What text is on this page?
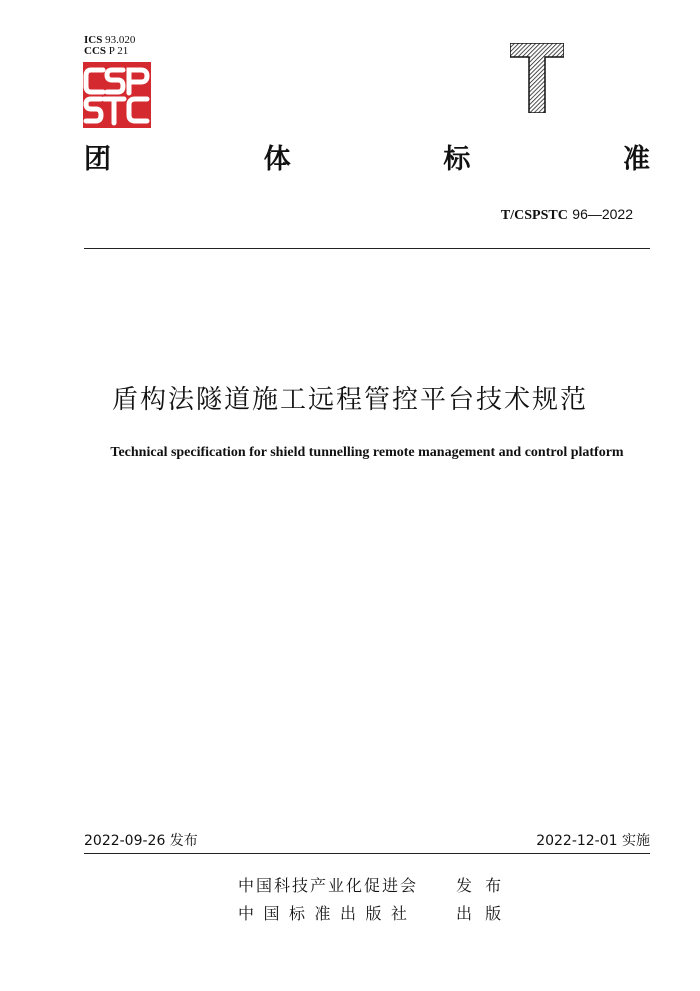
ICS 93.020
CCS P 21
团	体	标	准
T/CSPSTC 96—2022
盾构法隧道施工远程管控平台技术规范
Technical specification for shield tunnelling remote management and control platform
2022-09-26 发布	2022-12-01 实施
中国科技产业化促进会 发 布
中国标准出版社 出 版
